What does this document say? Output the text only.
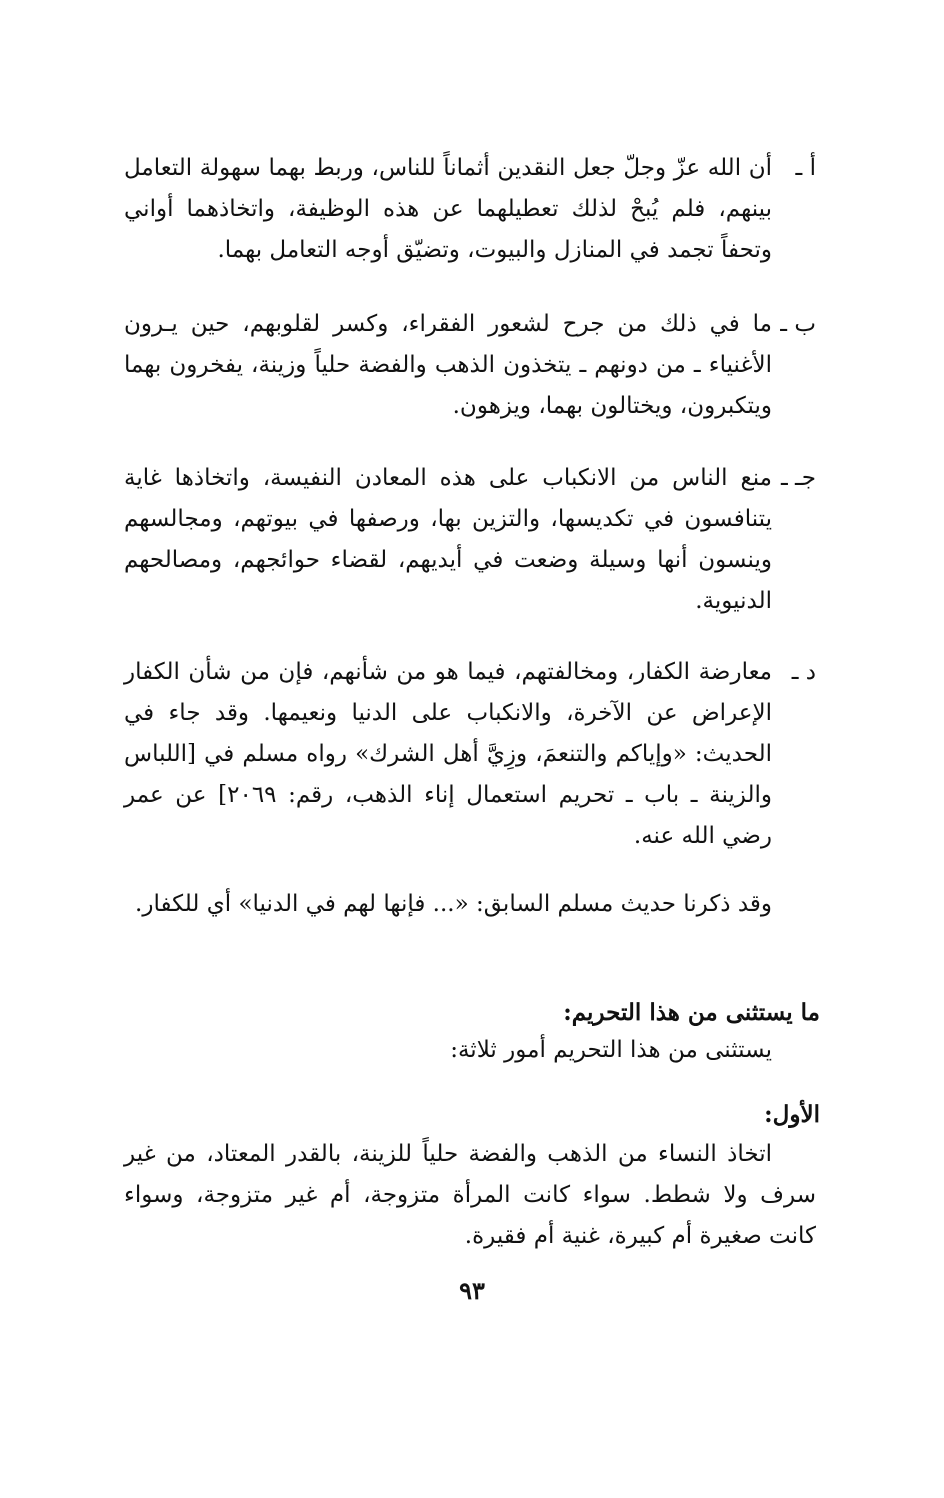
أ ـ
أن الله عزّ وجلّ جعل النقدين أثماناً للناس، وربط بهما سهولة التعامل بينهم، فلم يُبحْ لذلك تعطيلهما عن هذه الوظيفة، واتخاذهما أواني وتحفاً تجمد في المنازل والبيوت، وتضيّق أوجه التعامل بهما.
ب ـ
ما في ذلك من جرح لشعور الفقراء، وكسر لقلوبهم، حين يـرون الأغنياء ـ من دونهم ـ يتخذون الذهب والفضة حلياً وزينة، يفخرون بهما ويتكبرون، ويختالون بهما، ويزهون.
جـ ـ
منع الناس من الانكباب على هذه المعادن النفيسة، واتخاذها غاية يتنافسون في تكديسها، والتزين بها، ورصفها في بيوتهم، ومجالسهم وينسون أنها وسيلة وضعت في أيديهم، لقضاء حوائجهم، ومصالحهم الدنيوية.
د ـ
معارضة الكفار، ومخالفتهم، فيما هو من شأنهم، فإن من شأن الكفار الإعراض عن الآخرة، والانكباب على الدنيا ونعيمها. وقد جاء في الحديث: «وإياكم والتنعمَ، وزِيَّ أهل الشرك» رواه مسلم في [اللباس والزينة ـ باب ـ تحريم استعمال إناء الذهب، رقم: ٢٠٦٩] عن عمر رضي الله عنه.

وقد ذكرنا حديث مسلم السابق: «... فإنها لهم في الدنيا» أي للكفار.

ما يستثنى من هذا التحريم:

يستثنى من هذا التحريم أمور ثلاثة:

الأول:

اتخاذ النساء من الذهب والفضة حلياً للزينة، بالقدر المعتاد، من غير سرف ولا شطط. سواء كانت المرأة متزوجة، أم غير متزوجة، وسواء كانت صغيرة أم كبيرة، غنية أم فقيرة.

٩٣
